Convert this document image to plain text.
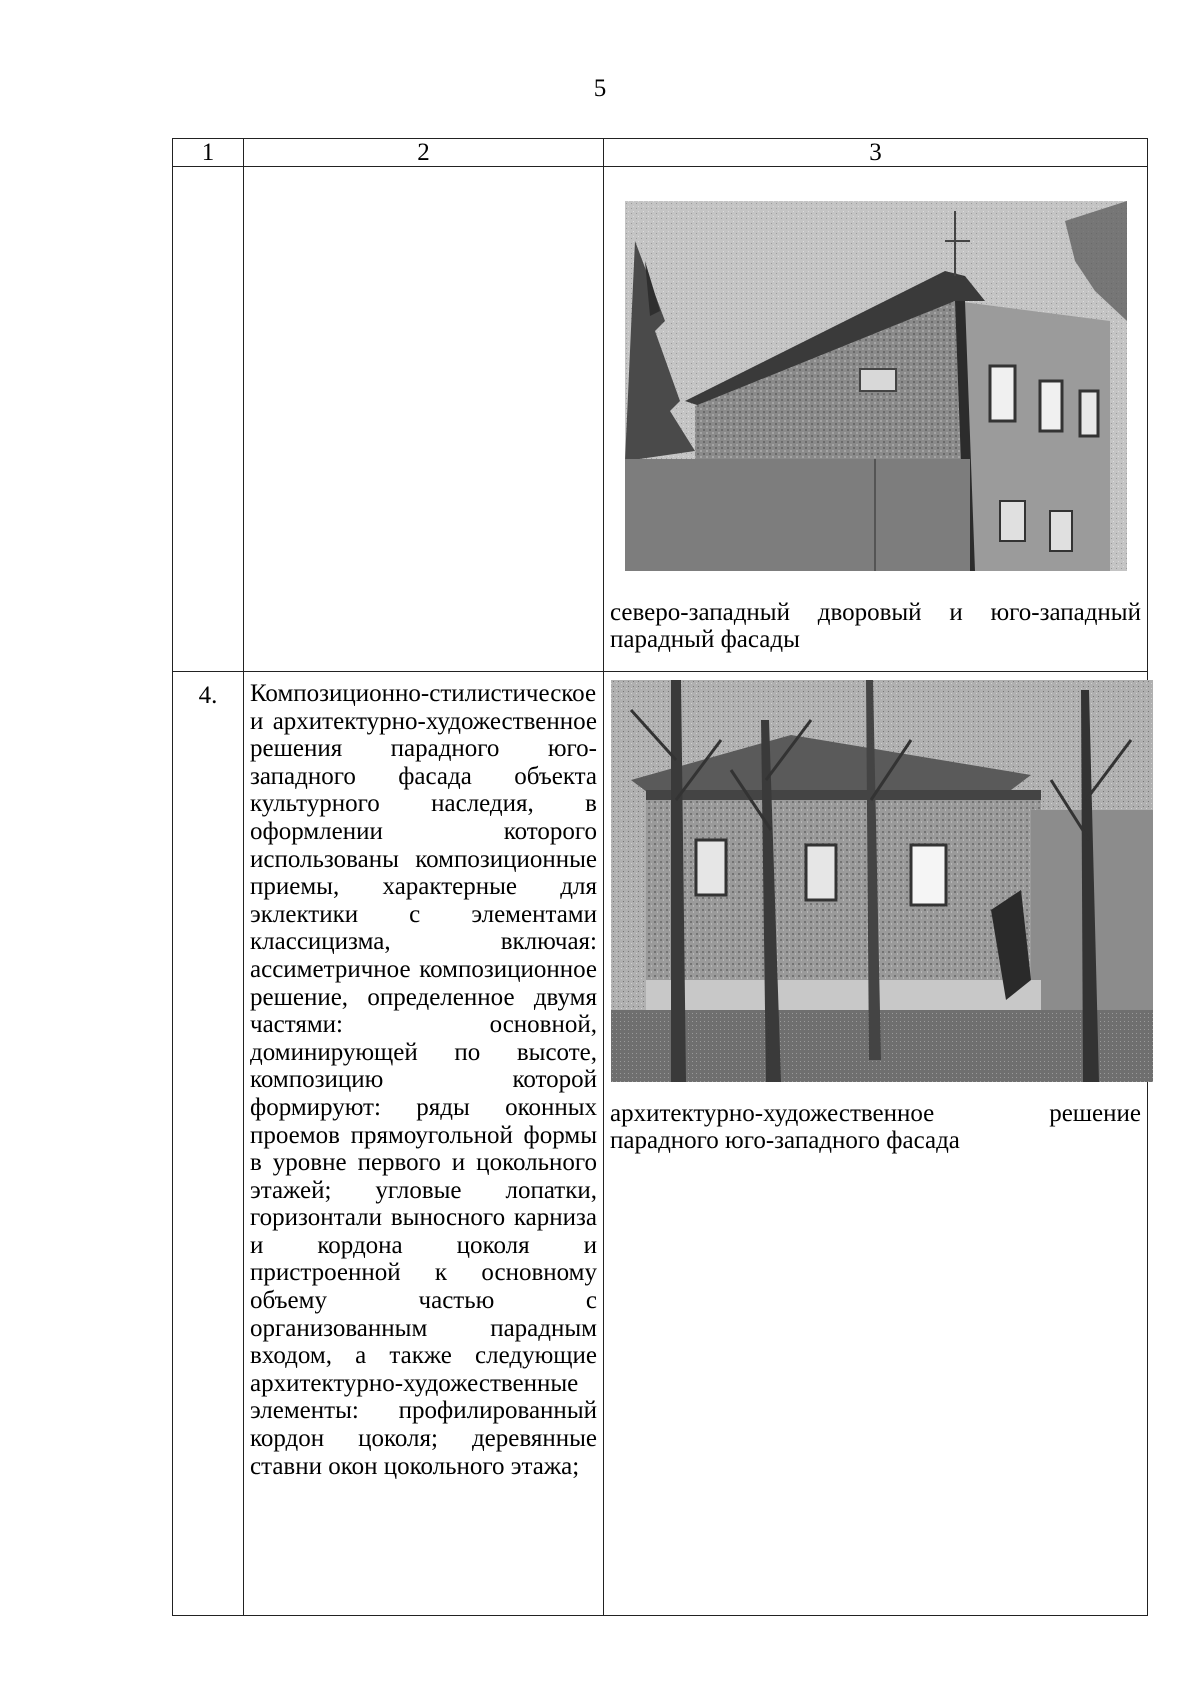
5
1	2	3

		северо-западный дворовый и юго-западный парадный фасады

4.	Композиционно-стилистическое и архитектурно-художественное решения парадного юго-западного фасада объекта культурного наследия, в оформлении которого использованы композиционные приемы, характерные для эклектики с элементами классицизма, включая: ассиметричное композиционное решение, определенное двумя частями: основной, доминирующей по высоте, композицию которой формируют: ряды оконных проемов прямоугольной формы в уровне первого и цокольного этажей; угловые лопатки, горизонтали выносного карниза и кордона цоколя и пристроенной к основному объему частью с организованным парадным входом, а также следующие архитектурно-художественные элементы: профилированный кордон цоколя; деревянные ставни окон цокольного этажа;	архитектурно-художественное решение парадного юго-западного фасада
